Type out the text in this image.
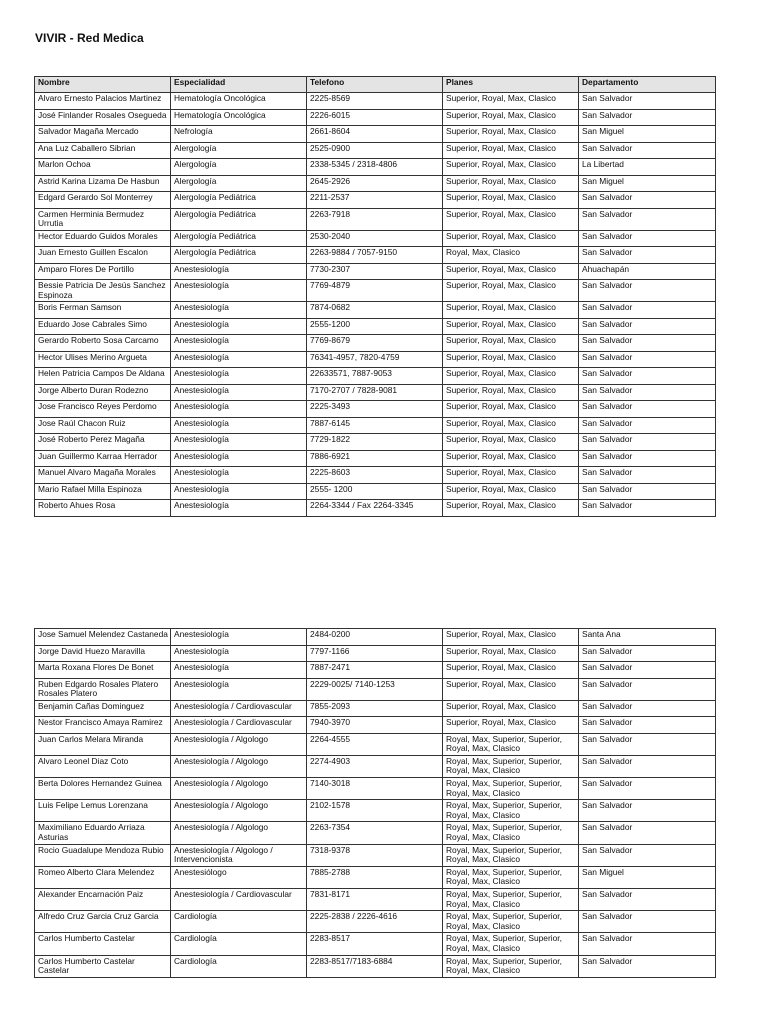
VIVIR - Red Medica
Nombre	Especialidad	Telefono	Planes	Departamento
Alvaro Ernesto Palacios Martinez	Hematología Oncológica	2225-8569	Superior, Royal, Max, Clasico	San Salvador
José Finlander Rosales Osegueda	Hematología Oncológica	2226-6015	Superior, Royal, Max, Clasico	San Salvador
Salvador Magaña Mercado	Nefrología	2661-8604	Superior, Royal, Max, Clasico	San Miguel
Ana Luz Caballero Sibrian	Alergología	2525-0900	Superior, Royal, Max, Clasico	San Salvador
Marlon Ochoa	Alergología	2338-5345 / 2318-4806	Superior, Royal, Max, Clasico	La Libertad
Astrid Karina Lizama De Hasbun	Alergología	2645-2926	Superior, Royal, Max, Clasico	San Miguel
Edgard Gerardo Sol Monterrey	Alergología Pediátrica	2211-2537	Superior, Royal, Max, Clasico	San Salvador
Carmen Herminia Bermudez Urrutia	Alergología Pediátrica	2263-7918	Superior, Royal, Max, Clasico	San Salvador
Hector Eduardo Guidos Morales	Alergología Pediátrica	2530-2040	Superior, Royal, Max, Clasico	San Salvador
Juan Ernesto Guillen Escalon	Alergología Pediátrica	2263-9884 / 7057-9150	Royal, Max, Clasico	San Salvador
Amparo Flores De Portillo	Anestesiología	7730-2307	Superior, Royal, Max, Clasico	Ahuachapán
Bessie Patricia De Jesús Sanchez Espinoza	Anestesiología	7769-4879	Superior, Royal, Max, Clasico	San Salvador
Boris Ferman Samson	Anestesiología	7874-0682	Superior, Royal, Max, Clasico	San Salvador
Eduardo Jose Cabrales Simo	Anestesiología	2555-1200	Superior, Royal, Max, Clasico	San Salvador
Gerardo Roberto Sosa Carcamo	Anestesiología	7769-8679	Superior, Royal, Max, Clasico	San Salvador
Hector Ulises Merino Argueta	Anestesiología	76341-4957, 7820-4759	Superior, Royal, Max, Clasico	San Salvador
Helen Patricia Campos De Aldana	Anestesiología	22633571, 7887-9053	Superior, Royal, Max, Clasico	San Salvador
Jorge Alberto Duran Rodezno	Anestesiología	7170-2707 / 7828-9081	Superior, Royal, Max, Clasico	San Salvador
Jose Francisco Reyes Perdomo	Anestesiología	2225-3493	Superior, Royal, Max, Clasico	San Salvador
Jose Raúl Chacon Ruiz	Anestesiología	7887-6145	Superior, Royal, Max, Clasico	San Salvador
José Roberto Perez Magaña	Anestesiología	7729-1822	Superior, Royal, Max, Clasico	San Salvador
Juan Guillermo Karraa Herrador	Anestesiología	7886-6921	Superior, Royal, Max, Clasico	San Salvador
Manuel Alvaro Magaña Morales	Anestesiología	2225-8603	Superior, Royal, Max, Clasico	San Salvador
Mario Rafael Milla Espinoza	Anestesiología	2555- 1200	Superior, Royal, Max, Clasico	San Salvador
Roberto Ahues Rosa	Anestesiología	2264-3344 / Fax 2264-3345	Superior, Royal, Max, Clasico	San Salvador
Jose Samuel Melendez Castaneda	Anestesiología	2484-0200	Superior, Royal, Max, Clasico	Santa Ana
Jorge David Huezo Maravilla	Anestesiología	7797-1166	Superior, Royal, Max, Clasico	San Salvador
Marta Roxana Flores De Bonet	Anestesiología	7887-2471	Superior, Royal, Max, Clasico	San Salvador
Ruben Edgardo Rosales Platero Rosales Platero	Anestesiología	2229-0025/ 7140-1253	Superior, Royal, Max, Clasico	San Salvador
Benjamin Cañas Dominguez	Anestesiología / Cardiovascular	7855-2093	Superior, Royal, Max, Clasico	San Salvador
Nestor Francisco Amaya Ramirez	Anestesiología / Cardiovascular	7940-3970	Superior, Royal, Max, Clasico	San Salvador
Juan Carlos Melara Miranda	Anestesiología / Algologo	2264-4555	Royal, Max, Superior, Superior, Royal, Max, Clasico	San Salvador
Alvaro Leonel Diaz Coto	Anestesiología / Algologo	2274-4903	Royal, Max, Superior, Superior, Royal, Max, Clasico	San Salvador
Berta Dolores Hernandez Guinea	Anestesiología / Algologo	7140-3018	Royal, Max, Superior, Superior, Royal, Max, Clasico	San Salvador
Luis Felipe Lemus Lorenzana	Anestesiología / Algologo	2102-1578	Royal, Max, Superior, Superior, Royal, Max, Clasico	San Salvador
Maximiliano Eduardo Arriaza Asturias	Anestesiología / Algologo	2263-7354	Royal, Max, Superior, Superior, Royal, Max, Clasico	San Salvador
Rocio Guadalupe Mendoza Rubio	Anestesiología / Algologo / Intervencionista	7318-9378	Royal, Max, Superior, Superior, Royal, Max, Clasico	San Salvador
Romeo Alberto Clara Melendez	Anestesiólogo	7885-2788	Royal, Max, Superior, Superior, Royal, Max, Clasico	San Miguel
Alexander Encarnación Paiz	Anestesiología / Cardiovascular	7831-8171	Royal, Max, Superior, Superior, Royal, Max, Clasico	San Salvador
Alfredo Cruz Garcia Cruz Garcia	Cardiología	2225-2838 / 2226-4616	Royal, Max, Superior, Superior, Royal, Max, Clasico	San Salvador
Carlos Humberto Castelar	Cardiología	2283-8517	Royal, Max, Superior, Superior, Royal, Max, Clasico	San Salvador
Carlos Humberto Castelar Castelar	Cardiología	2283-8517/7183-6884	Royal, Max, Superior, Superior, Royal, Max, Clasico	San Salvador
